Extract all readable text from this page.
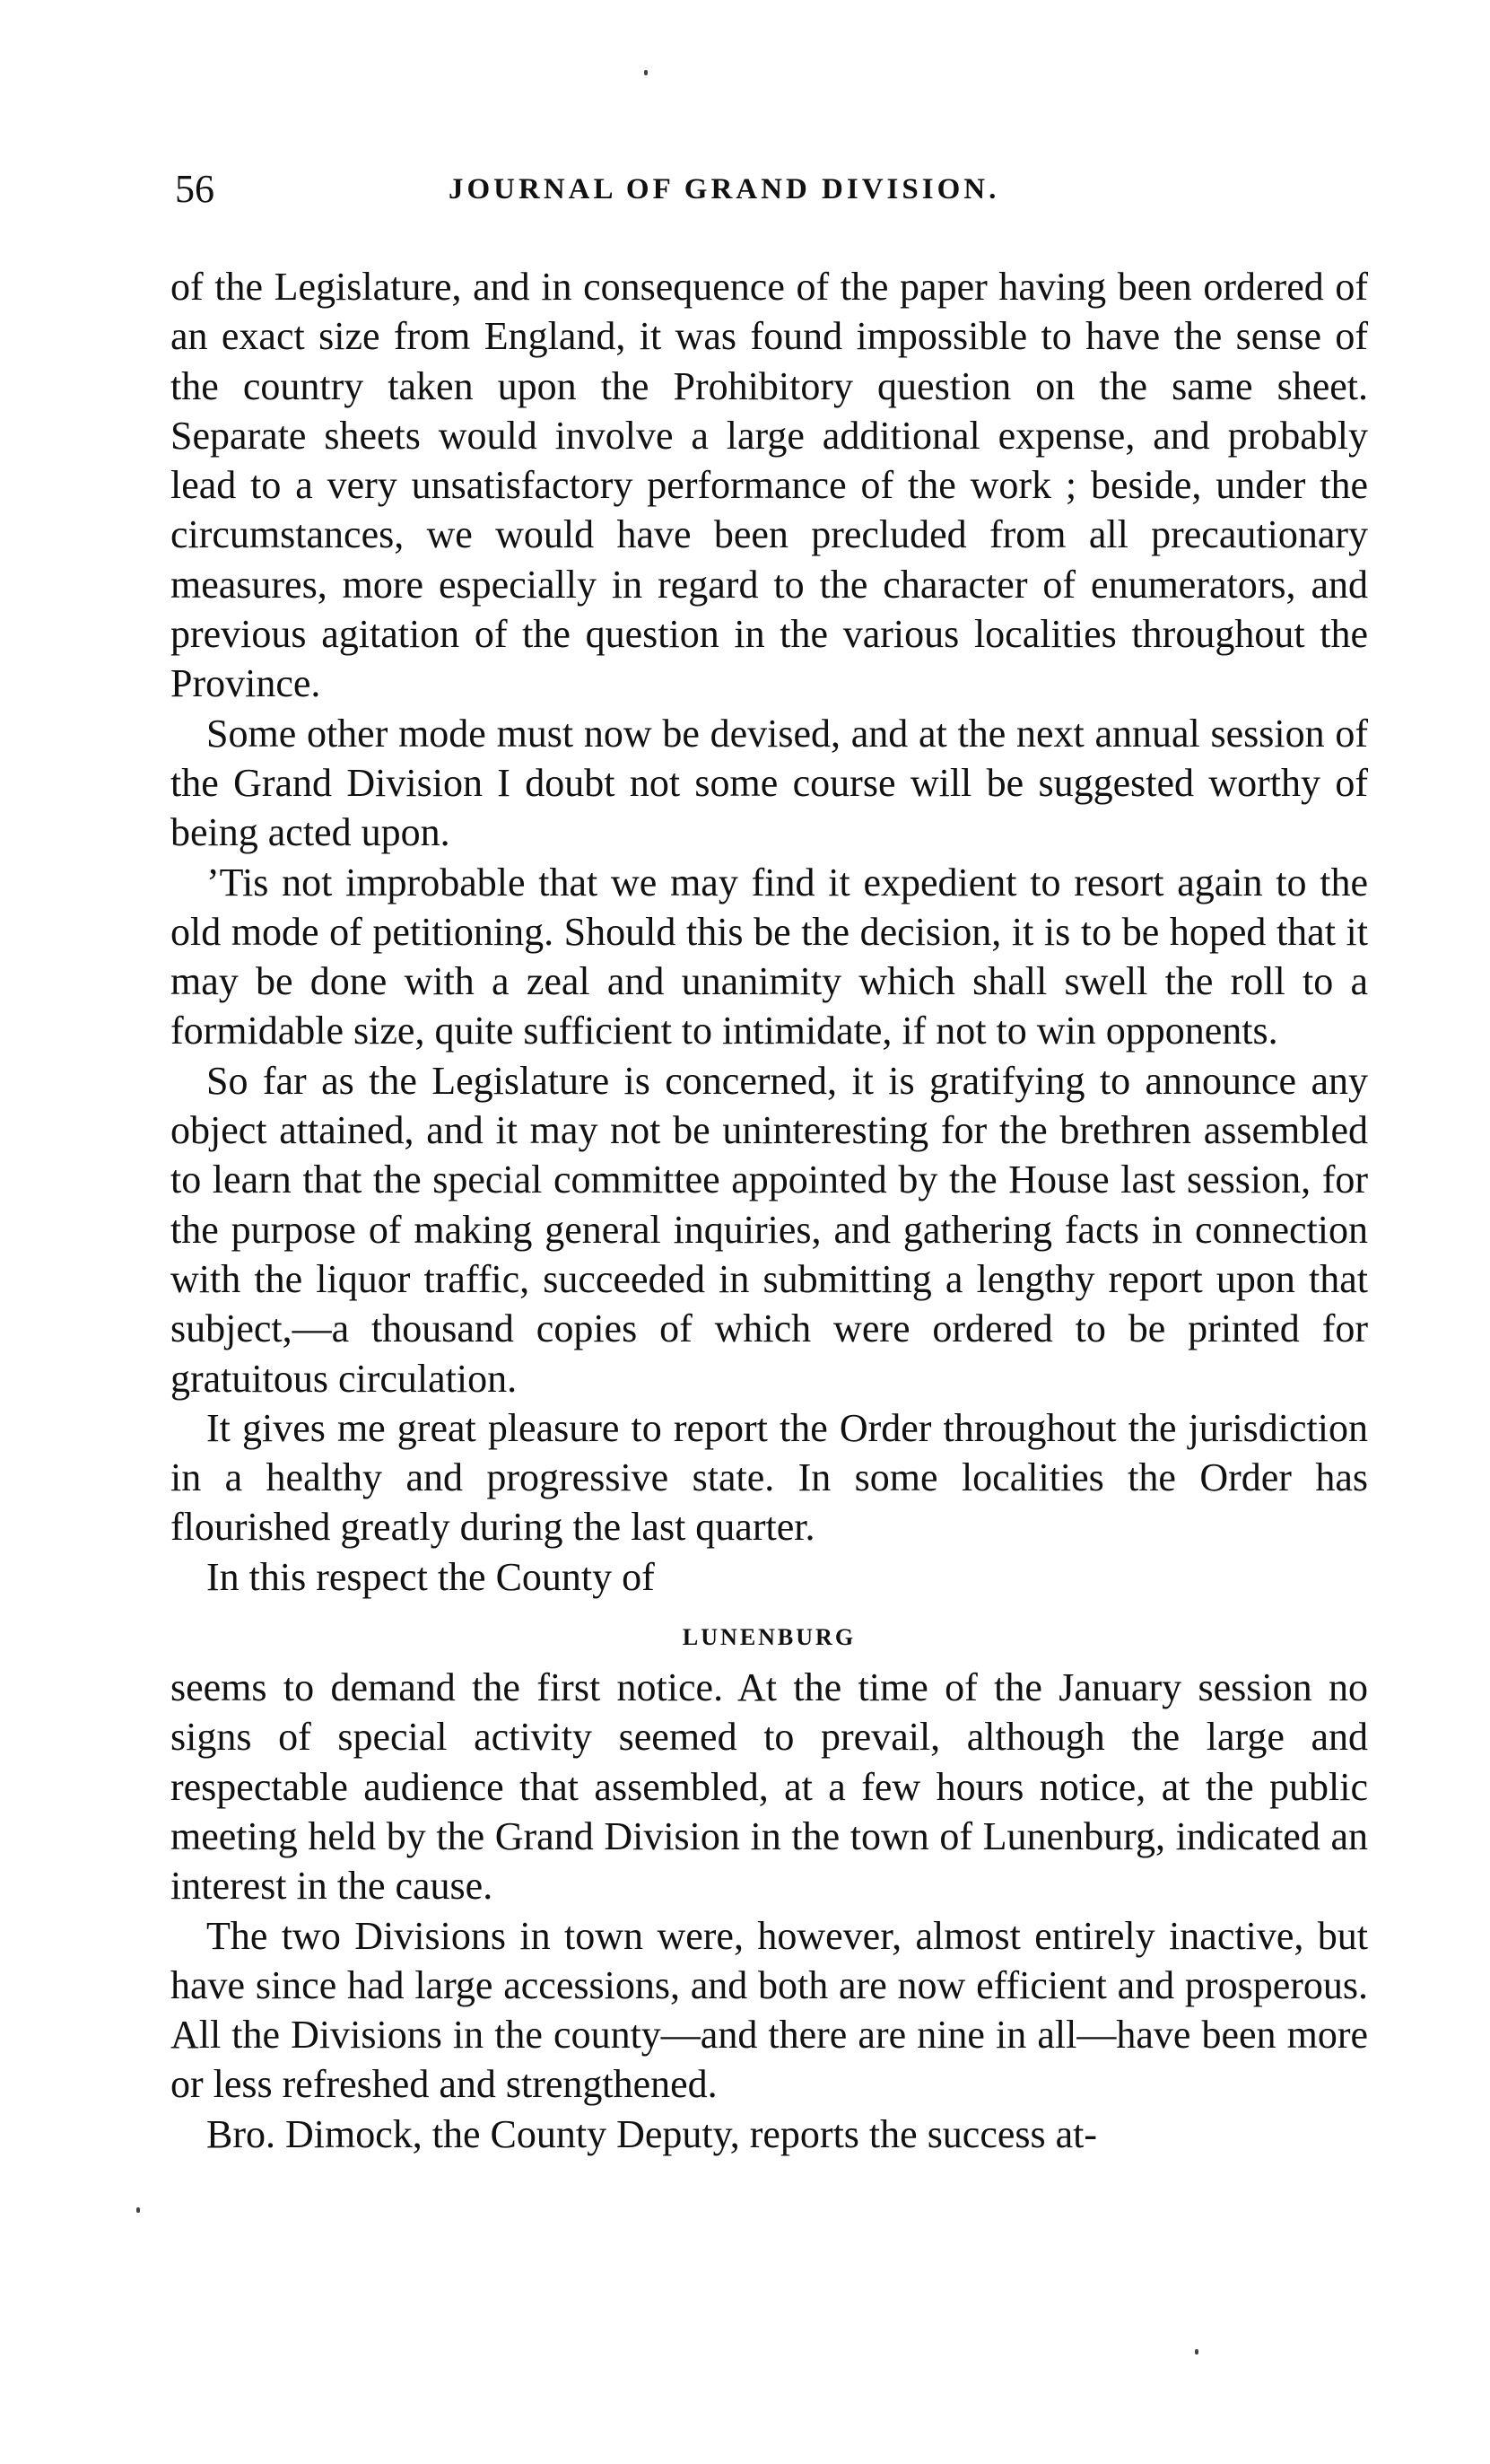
56	JOURNAL OF GRAND DIVISION.

of the Legislature, and in consequence of the paper having been ordered of an exact size from England, it was found impossible to have the sense of the country taken upon the Prohibitory question on the same sheet. Separate sheets would involve a large additional expense, and probably lead to a very unsatisfactory performance of the work ; beside, under the circumstances, we would have been precluded from all precautionary measures, more especially in regard to the character of enumerators, and previous agitation of the question in the various localities throughout the Province.

Some other mode must now be devised, and at the next annual session of the Grand Division I doubt not some course will be suggested worthy of being acted upon.

’Tis not improbable that we may find it expedient to resort again to the old mode of petitioning. Should this be the decision, it is to be hoped that it may be done with a zeal and unanimity which shall swell the roll to a formidable size, quite sufficient to intimidate, if not to win opponents.

So far as the Legislature is concerned, it is gratifying to announce any object attained, and it may not be uninteresting for the brethren assembled to learn that the special committee appointed by the House last session, for the purpose of making general inquiries, and gathering facts in connection with the liquor traffic, succeeded in submitting a lengthy report upon that subject,—a thousand copies of which were ordered to be printed for gratuitous circulation.

It gives me great pleasure to report the Order throughout the jurisdiction in a healthy and progressive state. In some localities the Order has flourished greatly during the last quarter.

In this respect the County of

LUNENBURG

seems to demand the first notice. At the time of the January session no signs of special activity seemed to prevail, although the large and respectable audience that assembled, at a few hours notice, at the public meeting held by the Grand Division in the town of Lunenburg, indicated an interest in the cause.

The two Divisions in town were, however, almost entirely inactive, but have since had large accessions, and both are now efficient and prosperous. All the Divisions in the county—and there are nine in all—have been more or less refreshed and strengthened.

Bro. Dimock, the County Deputy, reports the success at-
